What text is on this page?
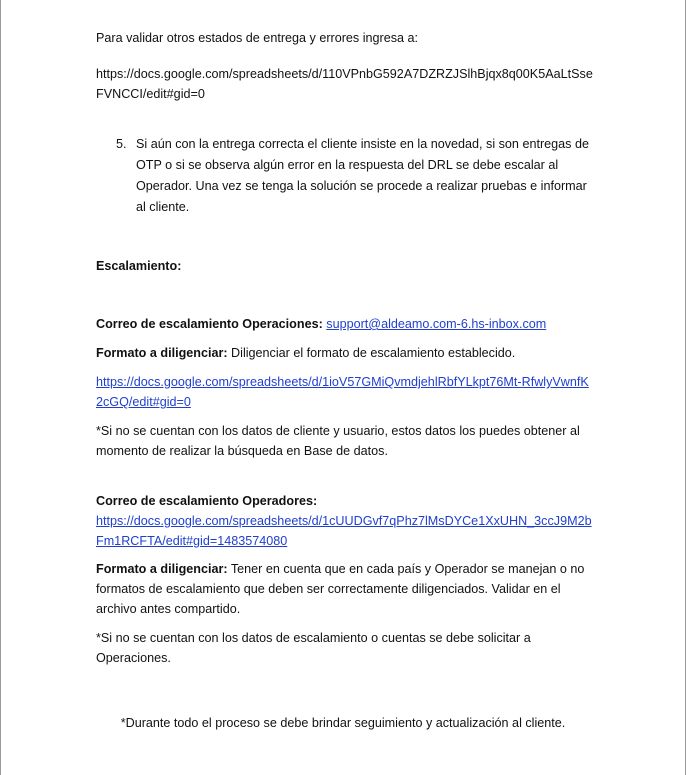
Para validar otros estados de entrega y errores ingresa a:

https://docs.google.com/spreadsheets/d/110VPnbG592A7DZRZJSlhBjqx8q00K5AaLtSseFVNCCI/edit#gid=0

5. Si aún con la entrega correcta el cliente insiste en la novedad, si son entregas de OTP o si se observa algún error en la respuesta del DRL se debe escalar al Operador. Una vez se tenga la solución se procede a realizar pruebas e informar al cliente.

Escalamiento:

Correo de escalamiento Operaciones: support@aldeamo.com-6.hs-inbox.com

Formato a diligenciar: Diligenciar el formato de escalamiento establecido.

https://docs.google.com/spreadsheets/d/1ioV57GMiQvmdjehlRbfYLkpt76Mt-RfwlyVwnfK2cGQ/edit#gid=0

*Si no se cuentan con los datos de cliente y usuario, estos datos los puedes obtener al momento de realizar la búsqueda en Base de datos.

Correo de escalamiento Operadores:

https://docs.google.com/spreadsheets/d/1cUUDGvf7qPhz7lMsDYCe1XxUHN_3ccJ9M2bFm1RCFTA/edit#gid=1483574080

Formato a diligenciar: Tener en cuenta que en cada país y Operador se manejan o no formatos de escalamiento que deben ser correctamente diligenciados. Validar en el archivo antes compartido.

*Si no se cuentan con los datos de escalamiento o cuentas se debe solicitar a Operaciones.

*Durante todo el proceso se debe brindar seguimiento y actualización al cliente.
